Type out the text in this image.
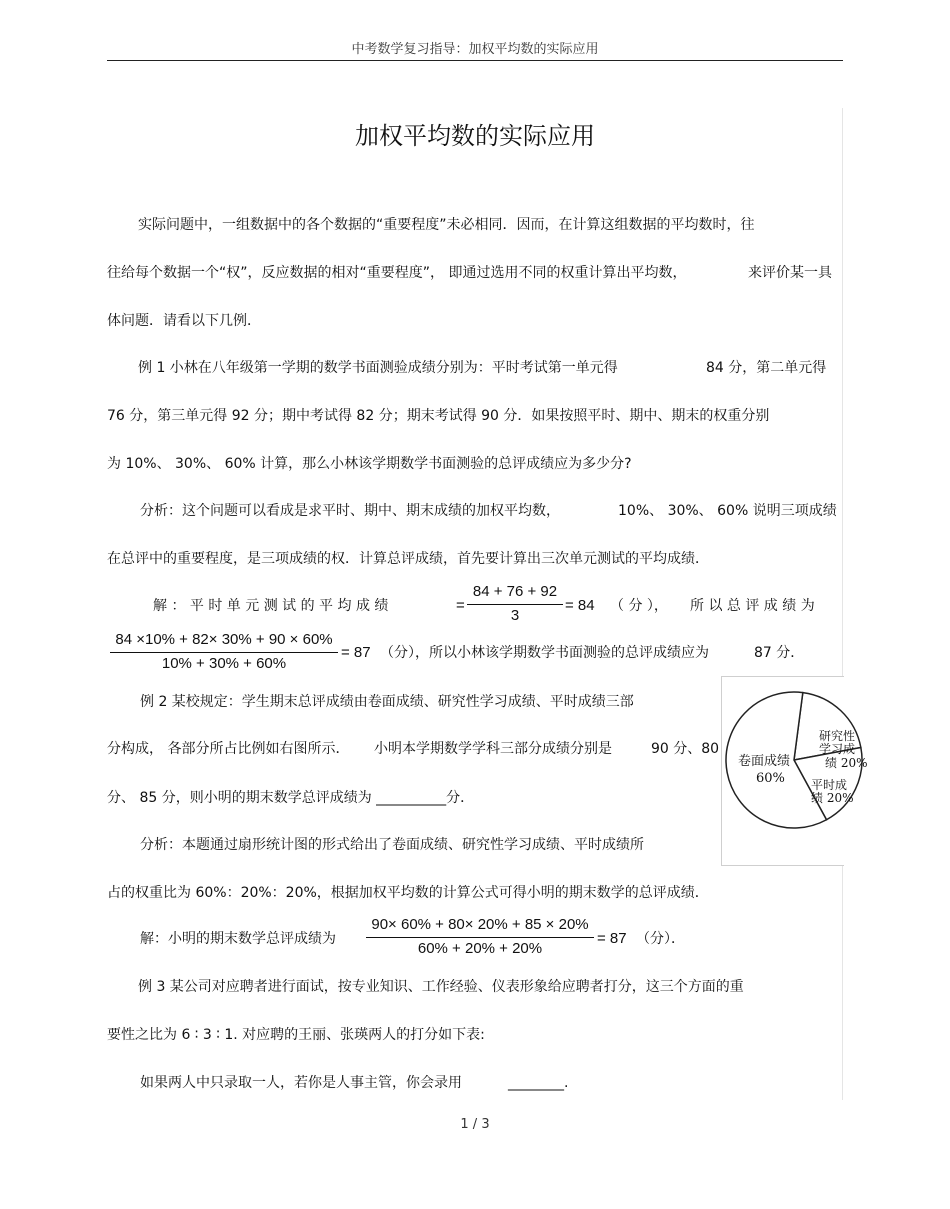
中考数学复习指导：加权平均数的实际应用
加权平均数的实际应用
实际问题中，一组数据中的各个数据的“重要程度”未必相同．因而，在计算这组数据的平均数时，往
往给每个数据一个“权”，反应数据的相对“重要程度”， 即通过选用不同的权重计算出平均数，	来评价某一具
体问题．请看以下几例．
例 1 小林在八年级第一学期的数学书面测验成绩分别为：平时考试第一单元得	84 分，第二单元得
76 分，第三单元得 92 分；期中考试得 82 分；期末考试得 90 分．如果按照平时、期中、期末的权重分别
为 10%、 30%、 60% 计算，那么小林该学期数学书面测验的总评成绩应为多少分?
分析：这个问题可以看成是求平时、期中、期末成绩的加权平均数，	10%、 30%、 60% 说明三项成绩
在总评中的重要程度，是三项成绩的权．计算总评成绩，首先要计算出三次单元测试的平均成绩．
解 ： 平 时 单 元 测 试 的 平 均 成 绩	=
84 + 76 + 92
3
= 84 （ 分 ）， 所 以 总 评 成 绩 为
84 ×10% + 82× 30% + 90 × 60%
10% + 30% + 60%
= 87 （分），所以小林该学期数学书面测验的总评成绩应为	87 分．
例 2 某校规定：学生期末总评成绩由卷面成绩、研究性学习成绩、平时成绩三部
分构成， 各部分所占比例如右图所示． 小明本学期数学学科三部分成绩分别是	90 分、80
分、 85 分，则小明的期末数学总评成绩为 __________分．
分析：本题通过扇形统计图的形式给出了卷面成绩、研究性学习成绩、平时成绩所
占的权重比为 60%：20%：20%，根据加权平均数的计算公式可得小明的期末数学的总评成绩．
解：小明的期末数学总评成绩为
90× 60% + 80× 20% + 85 × 20%
60% + 20% + 20%
= 87 （分）．
卷面成绩
60%
研究性
学习成
绩 20%
平时成
绩 20%
例 3 某公司对应聘者进行面试，按专业知识、工作经验、仪表形象给应聘者打分，这三个方面的重
要性之比为 6 ∶ 3 ∶ 1. 对应聘的王丽、张瑛两人的打分如下表:
如果两人中只录取一人，若你是人事主管，你会录用	________.
1 / 3
